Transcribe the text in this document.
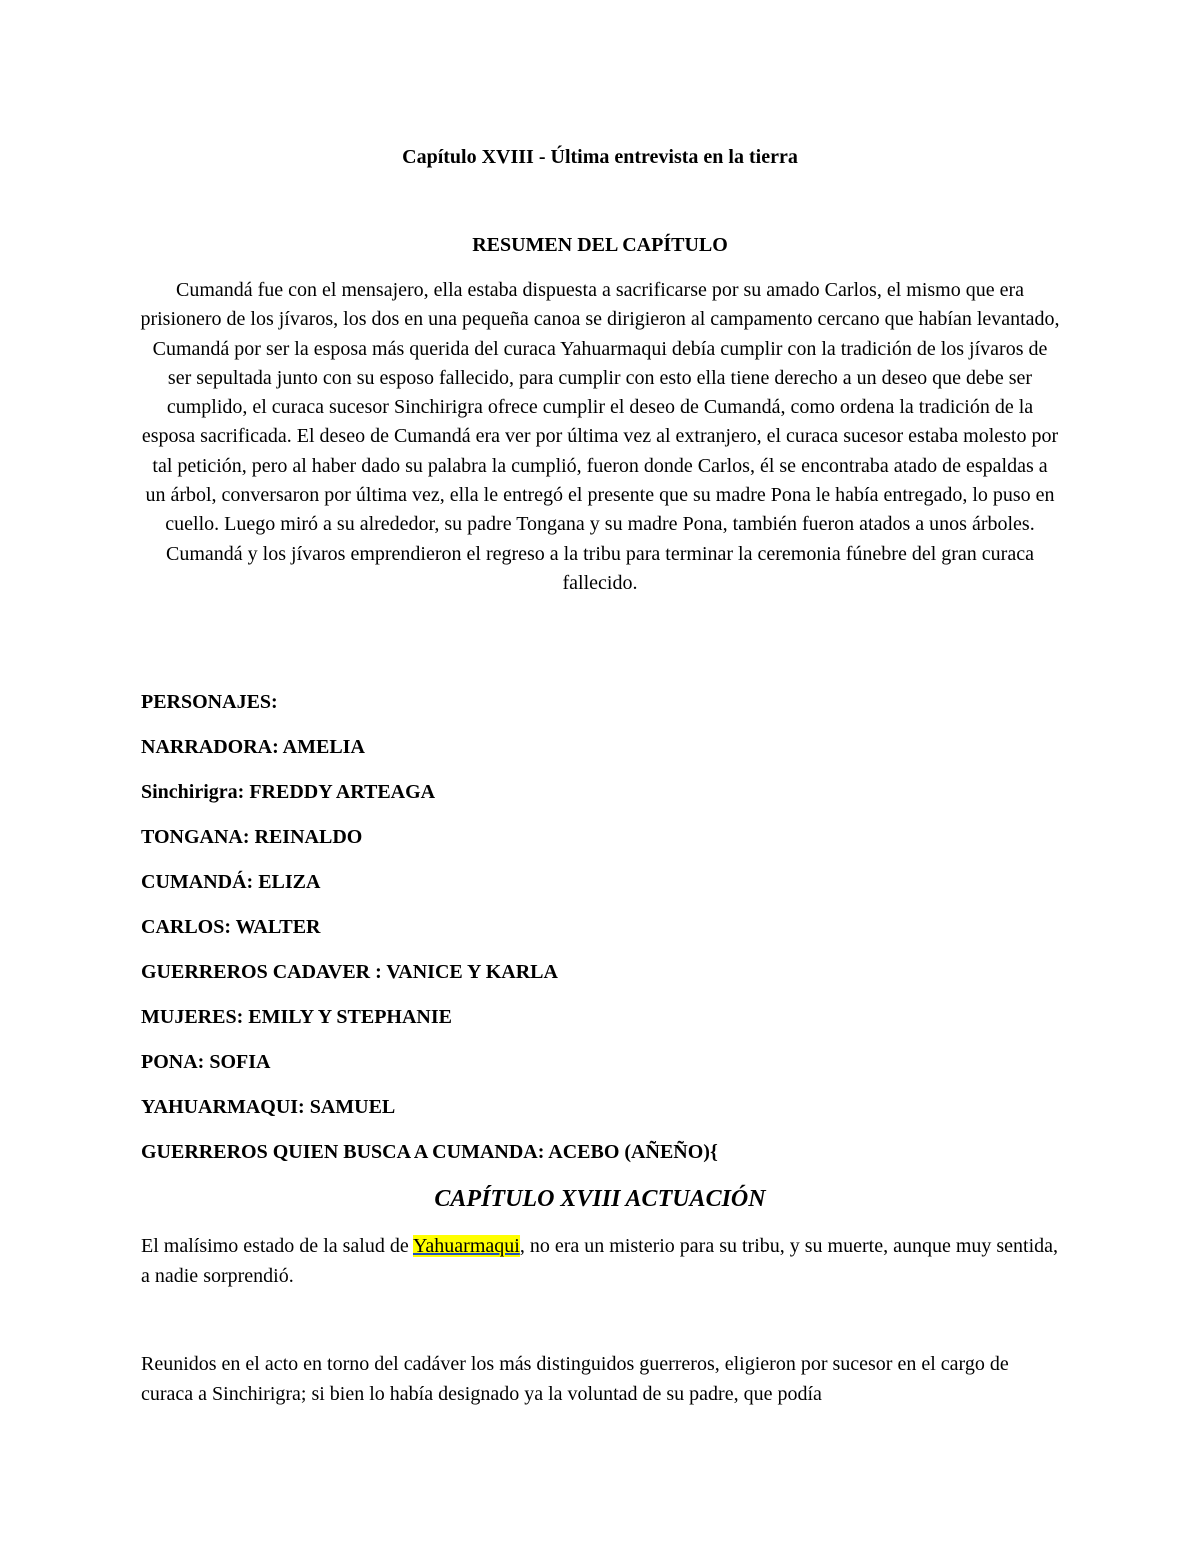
Capítulo XVIII - Última entrevista en la tierra
RESUMEN DEL CAPÍTULO
Cumandá fue con el mensajero, ella estaba dispuesta a sacrificarse por su amado Carlos, el mismo que era prisionero de los jívaros, los dos en una pequeña canoa se dirigieron al campamento cercano que habían levantado, Cumandá por ser la esposa más querida del curaca Yahuarmaqui debía cumplir con la tradición de los jívaros de ser sepultada junto con su esposo fallecido, para cumplir con esto ella tiene derecho a un deseo que debe ser cumplido, el curaca sucesor Sinchirigra ofrece cumplir el deseo de Cumandá, como ordena la tradición de la esposa sacrificada. El deseo de Cumandá era ver por última vez al extranjero, el curaca sucesor estaba molesto por tal petición, pero al haber dado su palabra la cumplió, fueron donde Carlos, él se encontraba atado de espaldas a un árbol, conversaron por última vez, ella le entregó el presente que su madre Pona le había entregado, lo puso en cuello. Luego miró a su alrededor, su padre Tongana y su madre Pona, también fueron atados a unos árboles. Cumandá y los jívaros emprendieron el regreso a la tribu para terminar la ceremonia fúnebre del gran curaca fallecido.
PERSONAJES:
NARRADORA: AMELIA
Sinchirigra: FREDDY ARTEAGA
TONGANA: REINALDO
CUMANDÁ: ELIZA
CARLOS: WALTER
GUERREROS CADAVER : VANICE Y KARLA
MUJERES: EMILY Y STEPHANIE
PONA: SOFIA
YAHUARMAQUI: SAMUEL
GUERREROS QUIEN BUSCA A CUMANDA: ACEBO (AÑEÑO){
CAPÍTULO XVIII ACTUACIÓN

El malísimo estado de la salud de Yahuarmaqui, no era un misterio para su tribu, y su muerte, aunque muy sentida, a nadie sorprendió.

Reunidos en el acto en torno del cadáver los más distinguidos guerreros, eligieron por sucesor en el cargo de curaca a Sinchirigra; si bien lo había designado ya la voluntad de su padre, que podía
